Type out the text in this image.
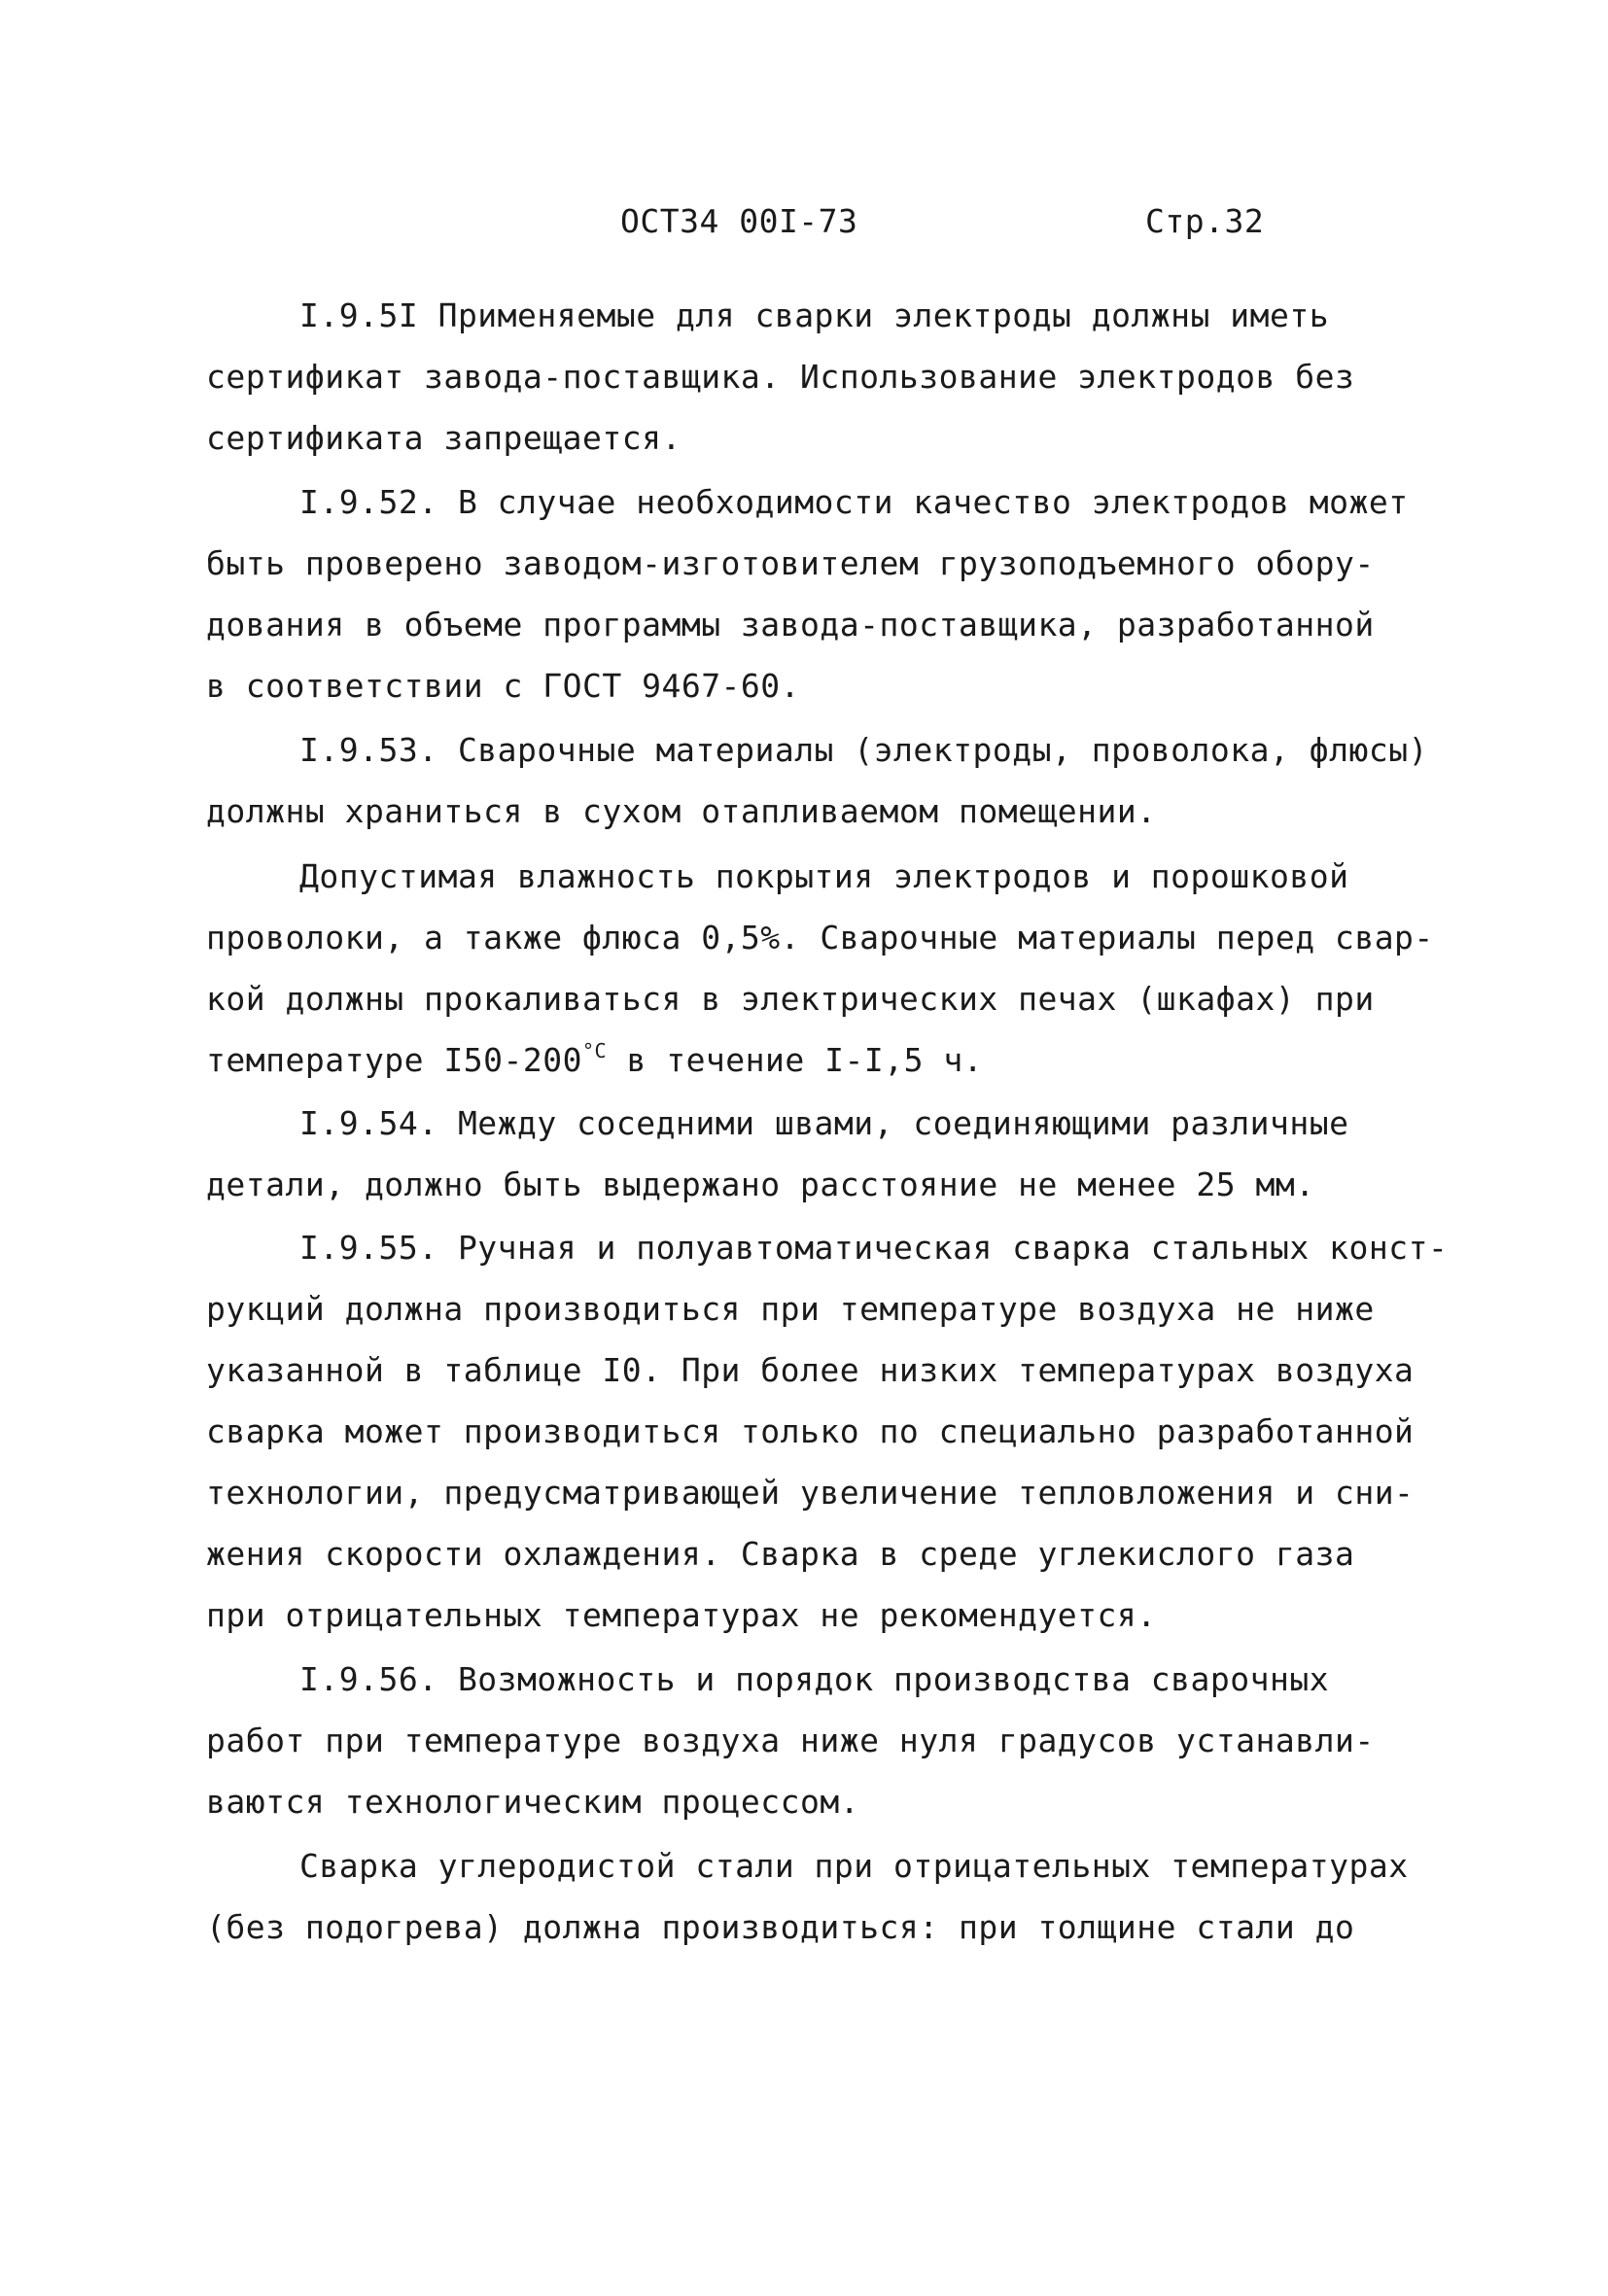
ОСТ34 00І-73	Стр.32
І.9.5І Применяемые для сварки электроды должны иметь
сертификат завода-поставщика. Использование электродов без
сертификата запрещается.
І.9.52. В случае необходимости качество электродов может
быть проверено заводом-изготовителем грузоподъемного обору-
дования в объеме программы завода-поставщика, разработанной
в соответствии с ГОСТ 9467-60.
І.9.53. Сварочные материалы (электроды, проволока, флюсы)
должны храниться в сухом отапливаемом помещении.
Допустимая влажность покрытия электродов и порошковой
проволоки, а также флюса 0,5%. Сварочные материалы перед свар-
кой должны прокаливаться в электрических печах (шкафах) при
температуре $І50-200^{^\circ С}$ в течение І-І,5 ч.
І.9.54. Между соседними швами, соединяющими различные
детали, должно быть выдержано расстояние не менее 25 мм.
І.9.55. Ручная и полуавтоматическая сварка стальных конст-
рукций должна производиться при температуре воздуха не ниже
указанной в таблице І0. При более низких температурах воздуха
сварка может производиться только по специально разработанной
технологии, предусматривающей увеличение тепловложения и сни-
жения скорости охлаждения. Сварка в среде углекислого газа
при отрицательных температурах не рекомендуется.
І.9.56. Возможность и порядок производства сварочных
работ при температуре воздуха ниже нуля градусов устанавли-
ваются технологическим процессом.
Сварка углеродистой стали при отрицательных температурах
(без подогрева) должна производиться: при толщине стали до
